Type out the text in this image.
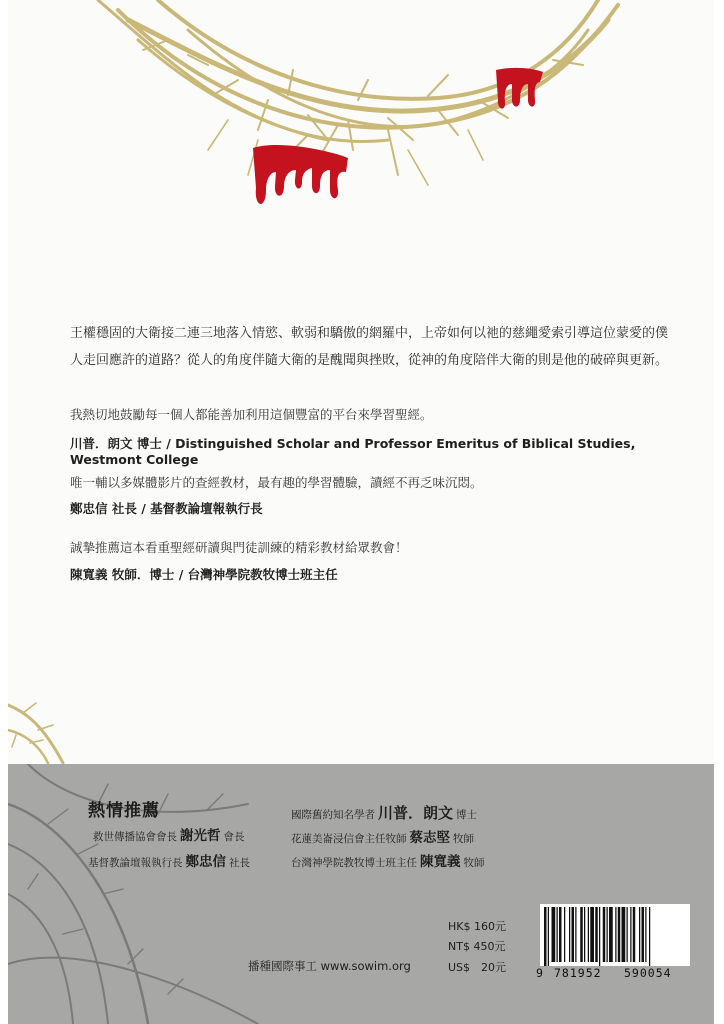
王權穩固的大衛接二連三地落入情慾、軟弱和驕傲的網羅中，上帝如何以祂的慈繩愛索引導這位蒙愛的僕
人走回應許的道路？從人的角度伴隨大衛的是醜聞與挫敗，從神的角度陪伴大衛的則是他的破碎與更新。
我熱切地鼓勵每一個人都能善加利用這個豐富的平台來學習聖經。
川普．朗文 博士 / Distinguished Scholar and Professor Emeritus of Biblical Studies, Westmont College
唯一輔以多媒體影片的查經教材，最有趣的學習體驗，讀經不再乏味沉悶。
鄭忠信 社長 / 基督教論壇報執行長
誠摯推薦這本看重聖經研讀與門徒訓練的精彩教材給眾教會！
陳寬義 牧師．博士 / 台灣神學院教牧博士班主任
熱情推薦
救世傳播協會會長 謝光哲 會長
基督教論壇報執行長 鄭忠信 社長
國際舊約知名學者 川普．朗文 博士
花蓮美崙浸信會主任牧師 蔡志堅 牧師
台灣神學院教牧博士班主任 陳寬義 牧師
HK$ 160元
NT$ 450元
US$　20元
播種國際事工 www.sowim.org	9 781952 590054
